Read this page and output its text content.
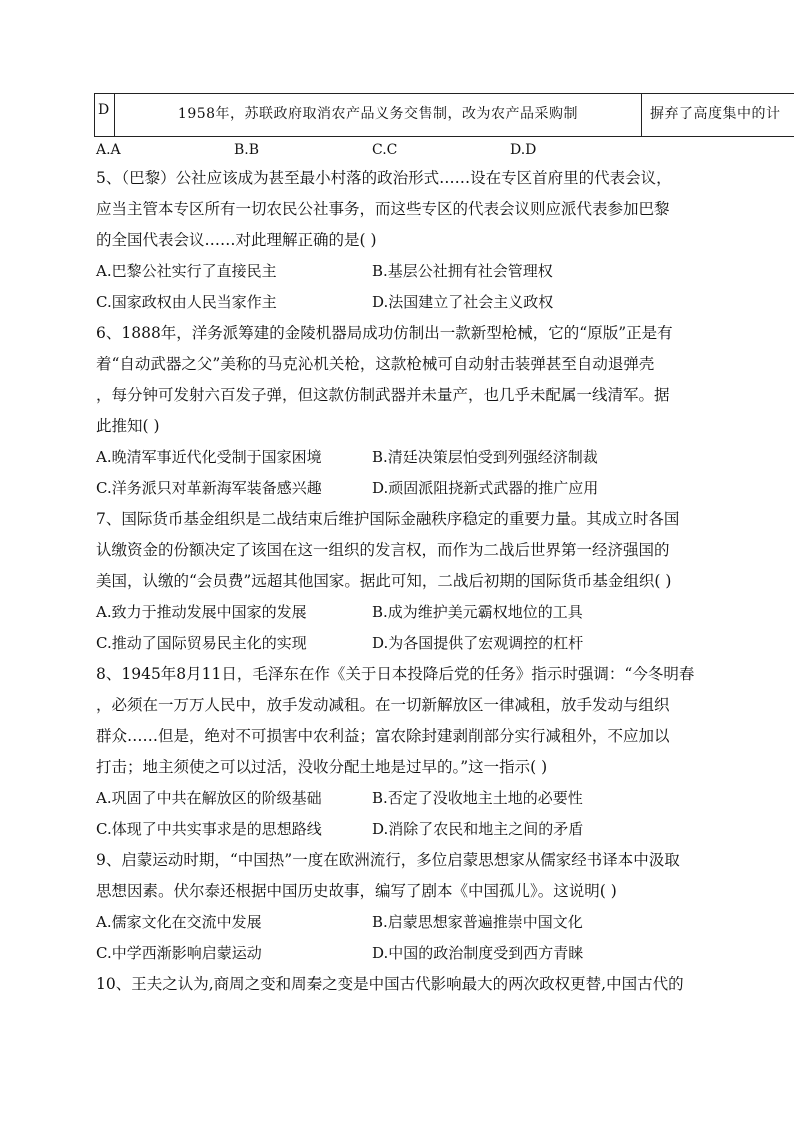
D	1958年，苏联政府取消农产品义务交售制，改为农产品采购制	摒弃了高度集中的计
A.A	B.B	C.C	D.D
5、（巴黎）公社应该成为甚至最小村落的政治形式……设在专区首府里的代表会议，
应当主管本专区所有一切农民公社事务，而这些专区的代表会议则应派代表参加巴黎
的全国代表会议……对此理解正确的是( )
A.巴黎公社实行了直接民主	B.基层公社拥有社会管理权
C.国家政权由人民当家作主	D.法国建立了社会主义政权
6、1888年，洋务派筹建的金陵机器局成功仿制出一款新型枪械，它的“原版”正是有
着“自动武器之父”美称的马克沁机关枪，这款枪械可自动射击装弹甚至自动退弹壳
，每分钟可发射六百发子弹，但这款仿制武器并未量产，也几乎未配属一线清军。据
此推知( )
A.晚清军事近代化受制于国家困境	B.清廷决策层怕受到列强经济制裁
C.洋务派只对革新海军装备感兴趣	D.顽固派阻挠新式武器的推广应用
7、国际货币基金组织是二战结束后维护国际金融秩序稳定的重要力量。其成立时各国
认缴资金的份额决定了该国在这一组织的发言权，而作为二战后世界第一经济强国的
美国，认缴的“会员费”远超其他国家。据此可知，二战后初期的国际货币基金组织( )
A.致力于推动发展中国家的发展	B.成为维护美元霸权地位的工具
C.推动了国际贸易民主化的实现	D.为各国提供了宏观调控的杠杆
8、1945年8月11日，毛泽东在作《关于日本投降后党的任务》指示时强调：“今冬明春
，必须在一万万人民中，放手发动减租。在一切新解放区一律减租，放手发动与组织
群众……但是，绝对不可损害中农利益；富农除封建剥削部分实行减租外，不应加以
打击；地主须使之可以过活，没收分配土地是过早的。”这一指示( )
A.巩固了中共在解放区的阶级基础	B.否定了没收地主土地的必要性
C.体现了中共实事求是的思想路线	D.消除了农民和地主之间的矛盾
9、启蒙运动时期，“中国热”一度在欧洲流行，多位启蒙思想家从儒家经书译本中汲取
思想因素。伏尔泰还根据中国历史故事，编写了剧本《中国孤儿》。这说明( )
A.儒家文化在交流中发展	B.启蒙思想家普遍推崇中国文化
C.中学西渐影响启蒙运动	D.中国的政治制度受到西方青睐
10、王夫之认为,商周之变和周秦之变是中国古代影响最大的两次政权更替,中国古代的
